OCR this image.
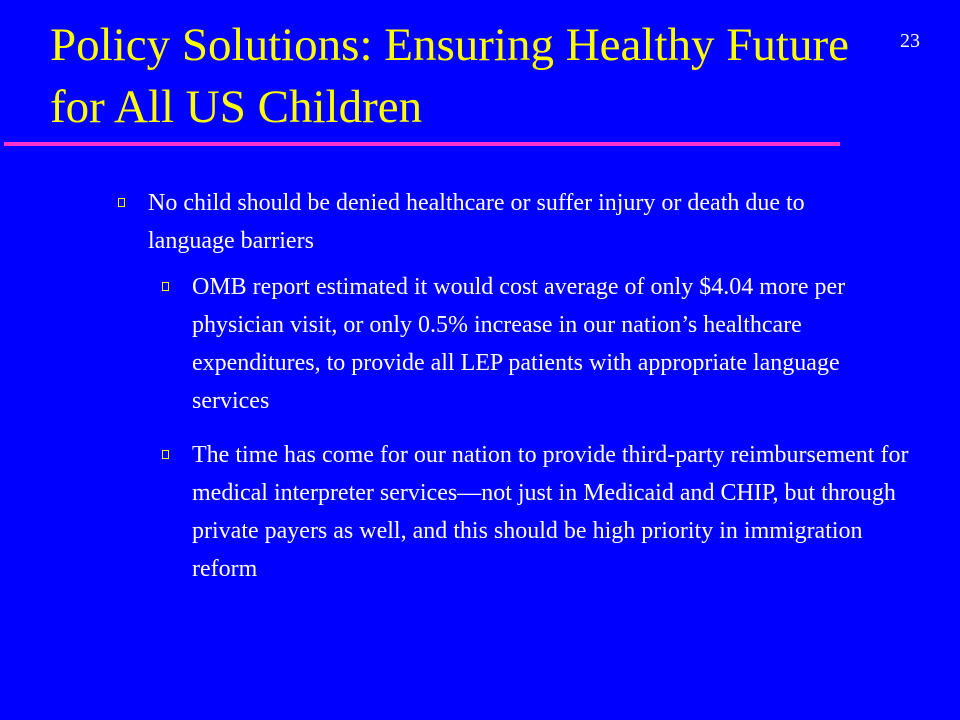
Policy Solutions: Ensuring Healthy Future for All US Children
23
No child should be denied healthcare or suffer injury or death due to language barriers
OMB report estimated it would cost average of only $4.04 more per physician visit, or only 0.5% increase in our nation’s healthcare expenditures, to provide all LEP patients with appropriate language services
The time has come for our nation to provide third-party reimbursement for medical interpreter services—not just in Medicaid and CHIP, but through private payers as well, and this should be high priority in immigration reform
